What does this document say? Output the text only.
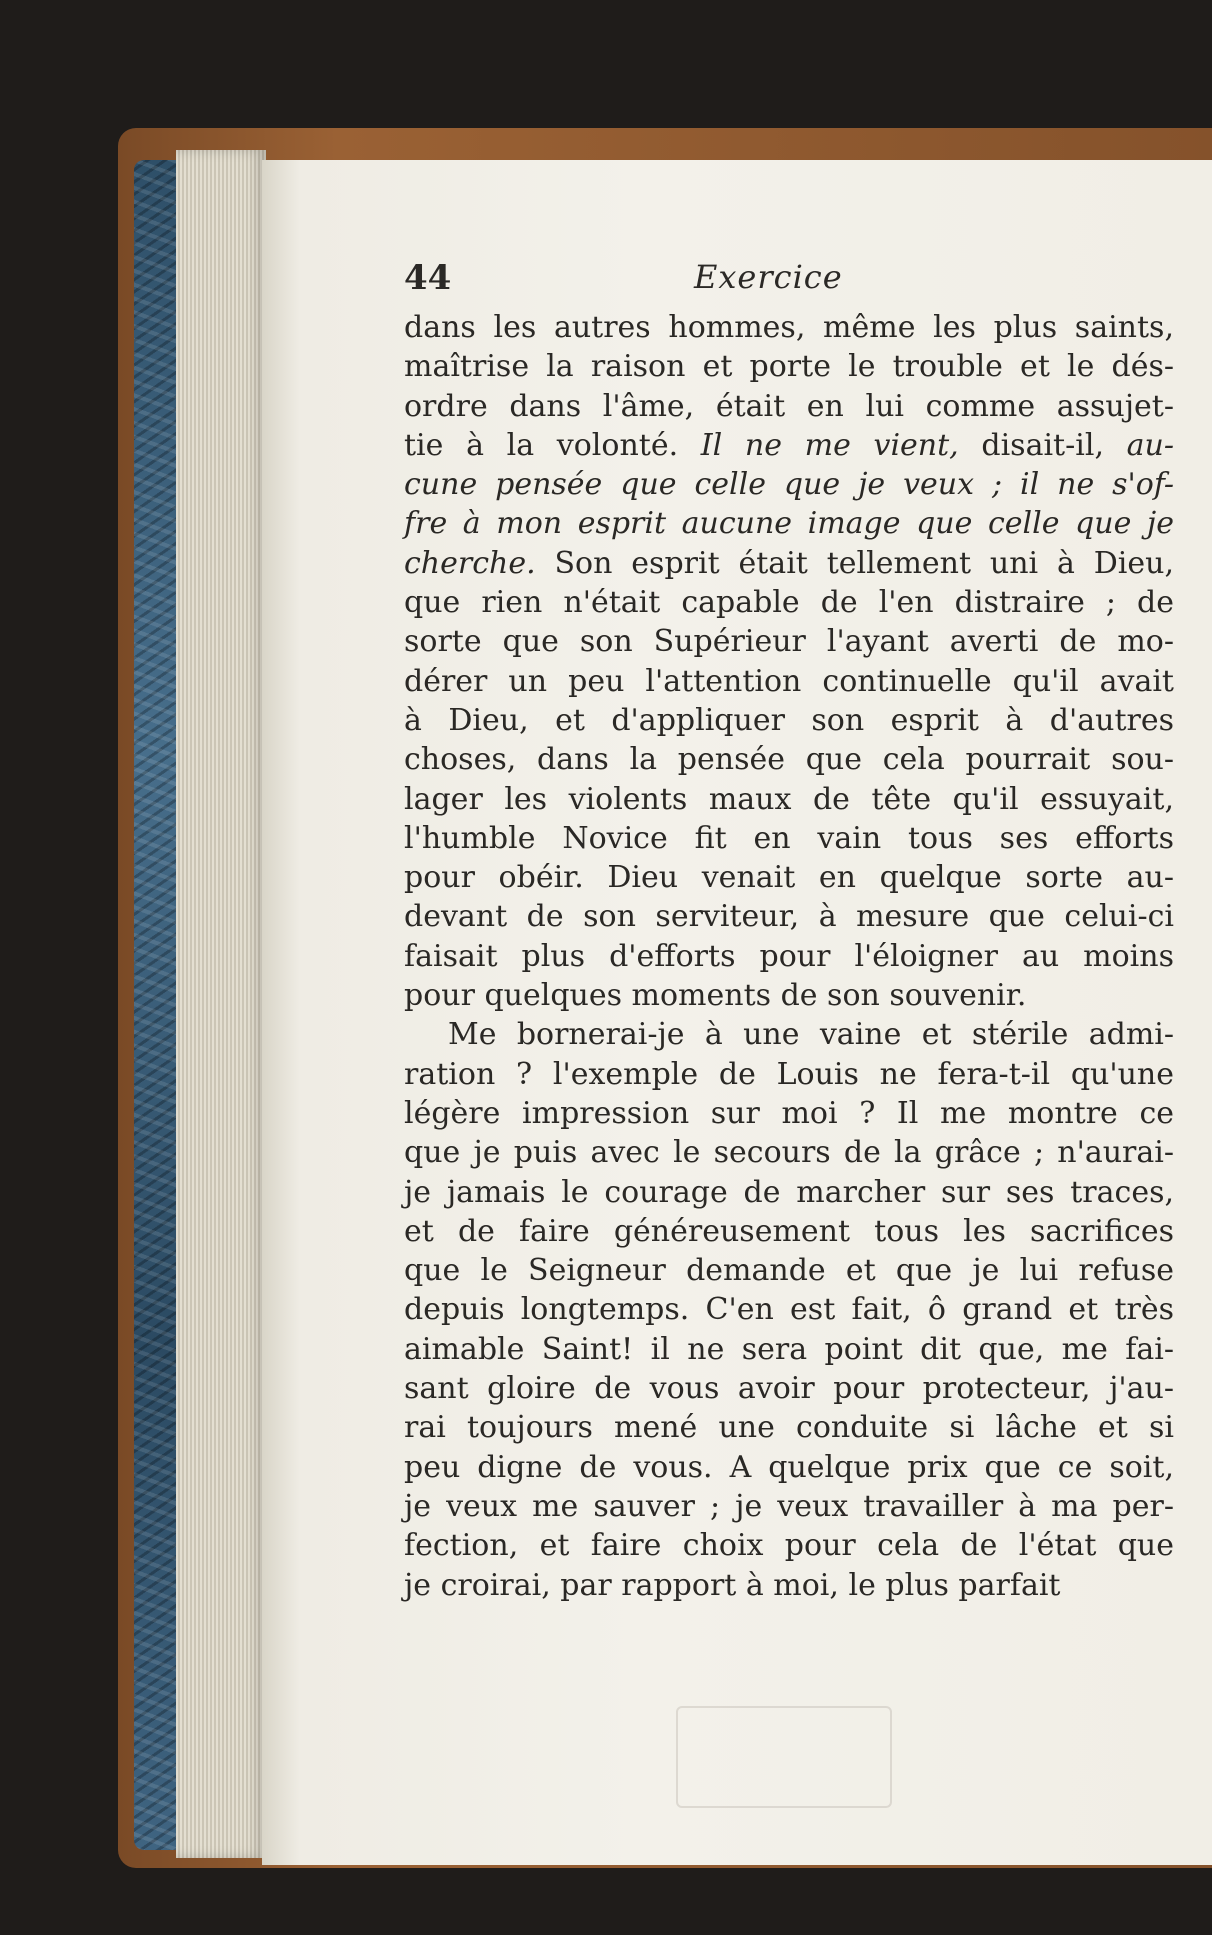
44	Exercice
dans les autres hommes, même les plus saints,
maîtrise la raison et porte le trouble et le dés-
ordre dans l'âme, était en lui comme assujet-
tie à la volonté. Il ne me vient, disait-il, au-
cune pensée que celle que je veux ; il ne s'of-
fre à mon esprit aucune image que celle que je
cherche. Son esprit était tellement uni à Dieu,
que rien n'était capable de l'en distraire ; de
sorte que son Supérieur l'ayant averti de mo-
dérer un peu l'attention continuelle qu'il avait
à Dieu, et d'appliquer son esprit à d'autres
choses, dans la pensée que cela pourrait sou-
lager les violents maux de tête qu'il essuyait,
l'humble Novice fit en vain tous ses efforts
pour obéir. Dieu venait en quelque sorte au-
devant de son serviteur, à mesure que celui-ci
faisait plus d'efforts pour l'éloigner au moins
pour quelques moments de son souvenir.
Me bornerai-je à une vaine et stérile admi-
ration ? l'exemple de Louis ne fera-t-il qu'une
légère impression sur moi ? Il me montre ce
que je puis avec le secours de la grâce ; n'aurai-
je jamais le courage de marcher sur ses traces,
et de faire généreusement tous les sacrifices
que le Seigneur demande et que je lui refuse
depuis longtemps. C'en est fait, ô grand et très
aimable Saint! il ne sera point dit que, me fai-
sant gloire de vous avoir pour protecteur, j'au-
rai toujours mené une conduite si lâche et si
peu digne de vous. A quelque prix que ce soit,
je veux me sauver ; je veux travailler à ma per-
fection, et faire choix pour cela de l'état que
je croirai, par rapport à moi, le plus parfait
